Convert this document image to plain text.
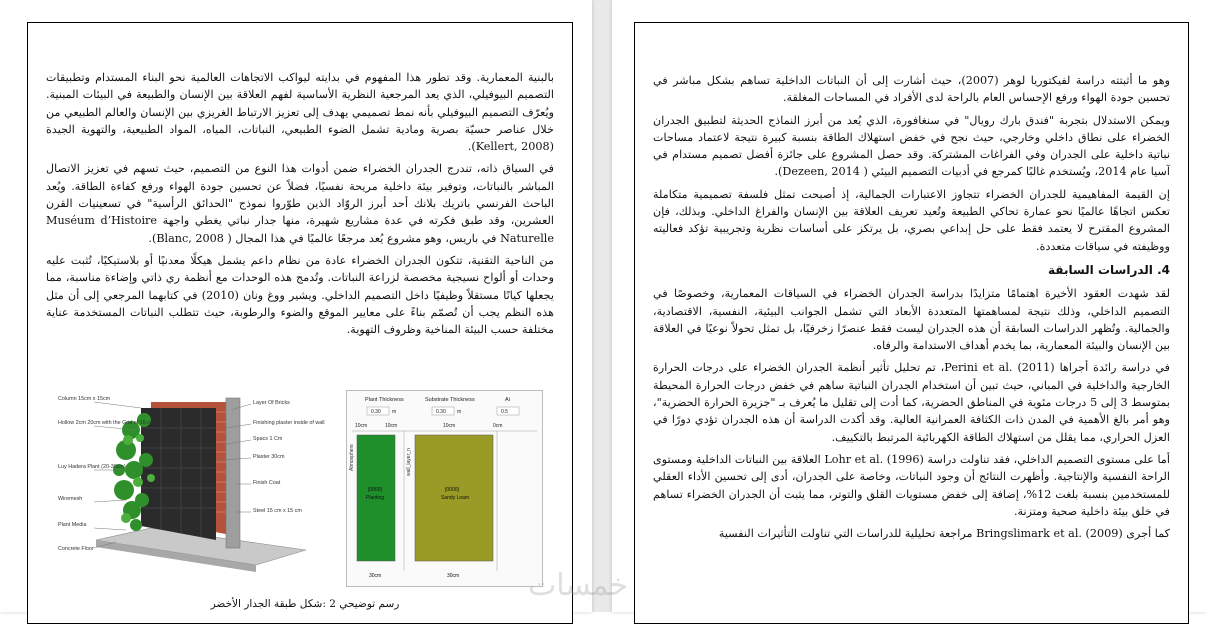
بالبنية المعمارية. وقد تطور هذا المفهوم في بدايته ليواكب الاتجاهات العالمية نحو البناء المستدام وتطبيقات التصميم البيوفيلي، الذي يعد المرجعية النظرية الأساسية لفهم العلاقة بين الإنسان والطبيعة في البيئات المبنية. ويُعرّف التصميم البيوفيلي بأنه نمط تصميمي يهدف إلى تعزيز الارتباط الغريزي بين الإنسان والعالم الطبيعي من خلال عناصر حسيّة بصرية ومادية تشمل الضوء الطبيعي، النباتات، المياه، المواد الطبيعية، والتهوية الجيدة (Kellert, 2008).

في السياق ذاته، تندرج الجدران الخضراء ضمن أدوات هذا النوع من التصميم، حيث تسهم في تعزيز الاتصال المباشر بالنباتات، وتوفير بيئة داخلية مريحة نفسيًا، فضلاً عن تحسين جودة الهواء ورفع كفاءة الطاقة. ويُعد الباحث الفرنسي باتريك بلانك أحد أبرز الروّاد الذين طوّروا نموذج "الحدائق الرأسية" في تسعينيات القرن العشرين، وقد طبق فكرته في عدة مشاريع شهيرة، منها جدار نباتي يغطي واجهة Muséum d’Histoire Naturelle في باريس، وهو مشروع يُعد مرجعًا عالميًا في هذا المجال ( Blanc, 2008).

من الناحية التقنية، تتكون الجدران الخضراء عادة من نظام داعم يشمل هيكلًا معدنيًا أو بلاستيكيًا، تُثبت عليه وحدات أو ألواح نسيجية مخصصة لزراعة النباتات. وتُدمج هذه الوحدات مع أنظمة ري ذاتي وإضاءة مناسبة، مما يجعلها كيانًا مستقلاً وظيفيًا داخل التصميم الداخلي. ويشير ووغ ونان (2010) في كتابهما المرجعي إلى أن مثل هذه النظم يجب أن تُصمّم بناءً على معايير الموقع والضوء والرطوبة، حيث تتطلب النباتات المستخدمة عناية مختلفة حسب البيئة المناخية وظروف التهوية.

Column 15cm x 15cm
Hollow 2cm 20cm with the Grid of 15 cm
Luy Hadera Plant (20-30cm)
Wiremesh
Plant Media
Concrete Floor
Layer Of Bricks
Finishing plaster inside of wall
Spacs 1 Cm
Plaster 30cm
Finish Coat
Steel 15 cm x 15 cm
Plant Thickness	Substrate Thickness	Ai
0.30 m	0.30 m	0.5
10cm	10cm	10cm	0cm
[0000]
Planting
[0000]
Sandy Loam
30cm	30cm
Atmosphere	wall_layer_n
رسم توضيحي 2 :شكل طبقة الجدار الأخضر

وهو ما أثبتته دراسة لفيكتوريا لوهر (2007)، حيث أشارت إلى أن النباتات الداخلية تساهم بشكل مباشر في تحسين جودة الهواء ورفع الإحساس العام بالراحة لدى الأفراد في المساحات المغلقة.

ويمكن الاستدلال بتجربة "فندق بارك رويال" في سنغافورة، الذي يُعد من أبرز النماذج الحديثة لتطبيق الجدران الخضراء على نطاق داخلي وخارجي، حيث نجح في خفض استهلاك الطاقة بنسبة كبيرة نتيجة لاعتماد مساحات نباتية داخلية على الجدران وفي الفراغات المشتركة. وقد حصل المشروع على جائزة أفضل تصميم مستدام في آسيا عام 2014، ويُستخدم غالبًا كمرجع في أدبيات التصميم البيئي ( Dezeen, 2014).

إن القيمة المفاهيمية للجدران الخضراء تتجاوز الاعتبارات الجمالية، إذ أصبحت تمثل فلسفة تصميمية متكاملة تعكس اتجاهًا عالميًا نحو عمارة تحاكي الطبيعة وتُعيد تعريف العلاقة بين الإنسان والفراغ الداخلي. وبذلك، فإن المشروع المقترح لا يعتمد فقط على حل إبداعي بصري، بل يرتكز على أساسات نظرية وتجريبية تؤكد فعاليته ووظيفته في سياقات متعددة.

4. الدراسات السابقة

لقد شهدت العقود الأخيرة اهتمامًا متزايدًا بدراسة الجدران الخضراء في السياقات المعمارية، وخصوصًا في التصميم الداخلي، وذلك نتيجة لمساهمتها المتعددة الأبعاد التي تشمل الجوانب البيئية، النفسية، الاقتصادية، والجمالية. وتُظهر الدراسات السابقة أن هذه الجدران ليست فقط عنصرًا زخرفيًا، بل تمثل تحولاً نوعيًا في العلاقة بين الإنسان والبيئة المعمارية، بما يخدم أهداف الاستدامة والرفاه.

في دراسة رائدة أجراها Perini et al. (2011)، تم تحليل تأثير أنظمة الجدران الخضراء على درجات الحرارة الخارجية والداخلية في المباني، حيث تبين أن استخدام الجدران النباتية ساهم في خفض درجات الحرارة المحيطة بمتوسط 3 إلى 5 درجات مئوية في المناطق الحضرية، كما أدت إلى تقليل ما يُعرف بـ "جزيرة الحرارة الحضرية"، وهو أمر بالغ الأهمية في المدن ذات الكثافة العمرانية العالية. وقد أكدت الدراسة أن هذه الجدران تؤدي دورًا في العزل الحراري، مما يقلل من استهلاك الطاقة الكهربائية المرتبط بالتكييف.

أما على مستوى التصميم الداخلي، فقد تناولت دراسة Lohr et al. (1996) العلاقة بين النباتات الداخلية ومستوى الراحة النفسية والإنتاجية. وأظهرت النتائج أن وجود النباتات، وخاصة على الجدران، أدى إلى تحسين الأداء العقلي للمستخدمين بنسبة بلغت 12%، إضافة إلى خفض مستويات القلق والتوتر، مما يثبت أن الجدران الخضراء تساهم في خلق بيئة داخلية صحية ومتزنة.

كما أجرى Bringslimark et al. (2009) مراجعة تحليلية للدراسات التي تناولت التأثيرات النفسية

خمسات
